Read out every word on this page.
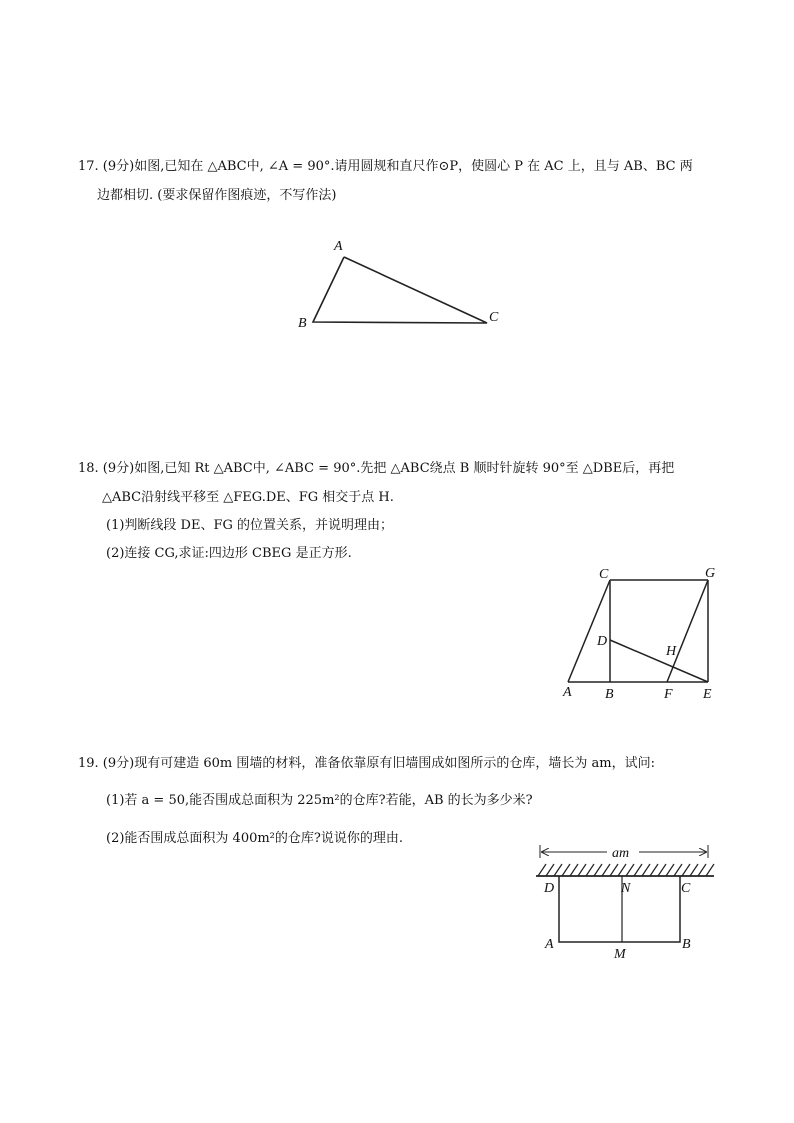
17. (9分)如图,已知在 △ABC中, ∠A = 90°.请用圆规和直尺作⊙P，使圆心 P 在 AC 上，且与 AB、BC 两
边都相切. (要求保留作图痕迹，不写作法)
A
B	C
18. (9分)如图,已知 Rt △ABC中, ∠ABC = 90°.先把 △ABC绕点 B 顺时针旋转 90°至 △DBE后，再把
△ABC沿射线平移至 △FEG.DE、FG 相交于点 H.
(1)判断线段 DE、FG 的位置关系，并说明理由；
(2)连接 CG,求证:四边形 CBEG 是正方形.
C	G
D
H
A B	F E
19. (9分)现有可建造 60m 围墙的材料，准备依靠原有旧墙围成如图所示的仓库，墙长为 am，试问:
(1)若 a = 50,能否围成总面积为 225m²的仓库?若能，AB 的长为多少米?
(2)能否围成总面积为 400m²的仓库?说说你的理由.
am
D	N	C
A
M
B
